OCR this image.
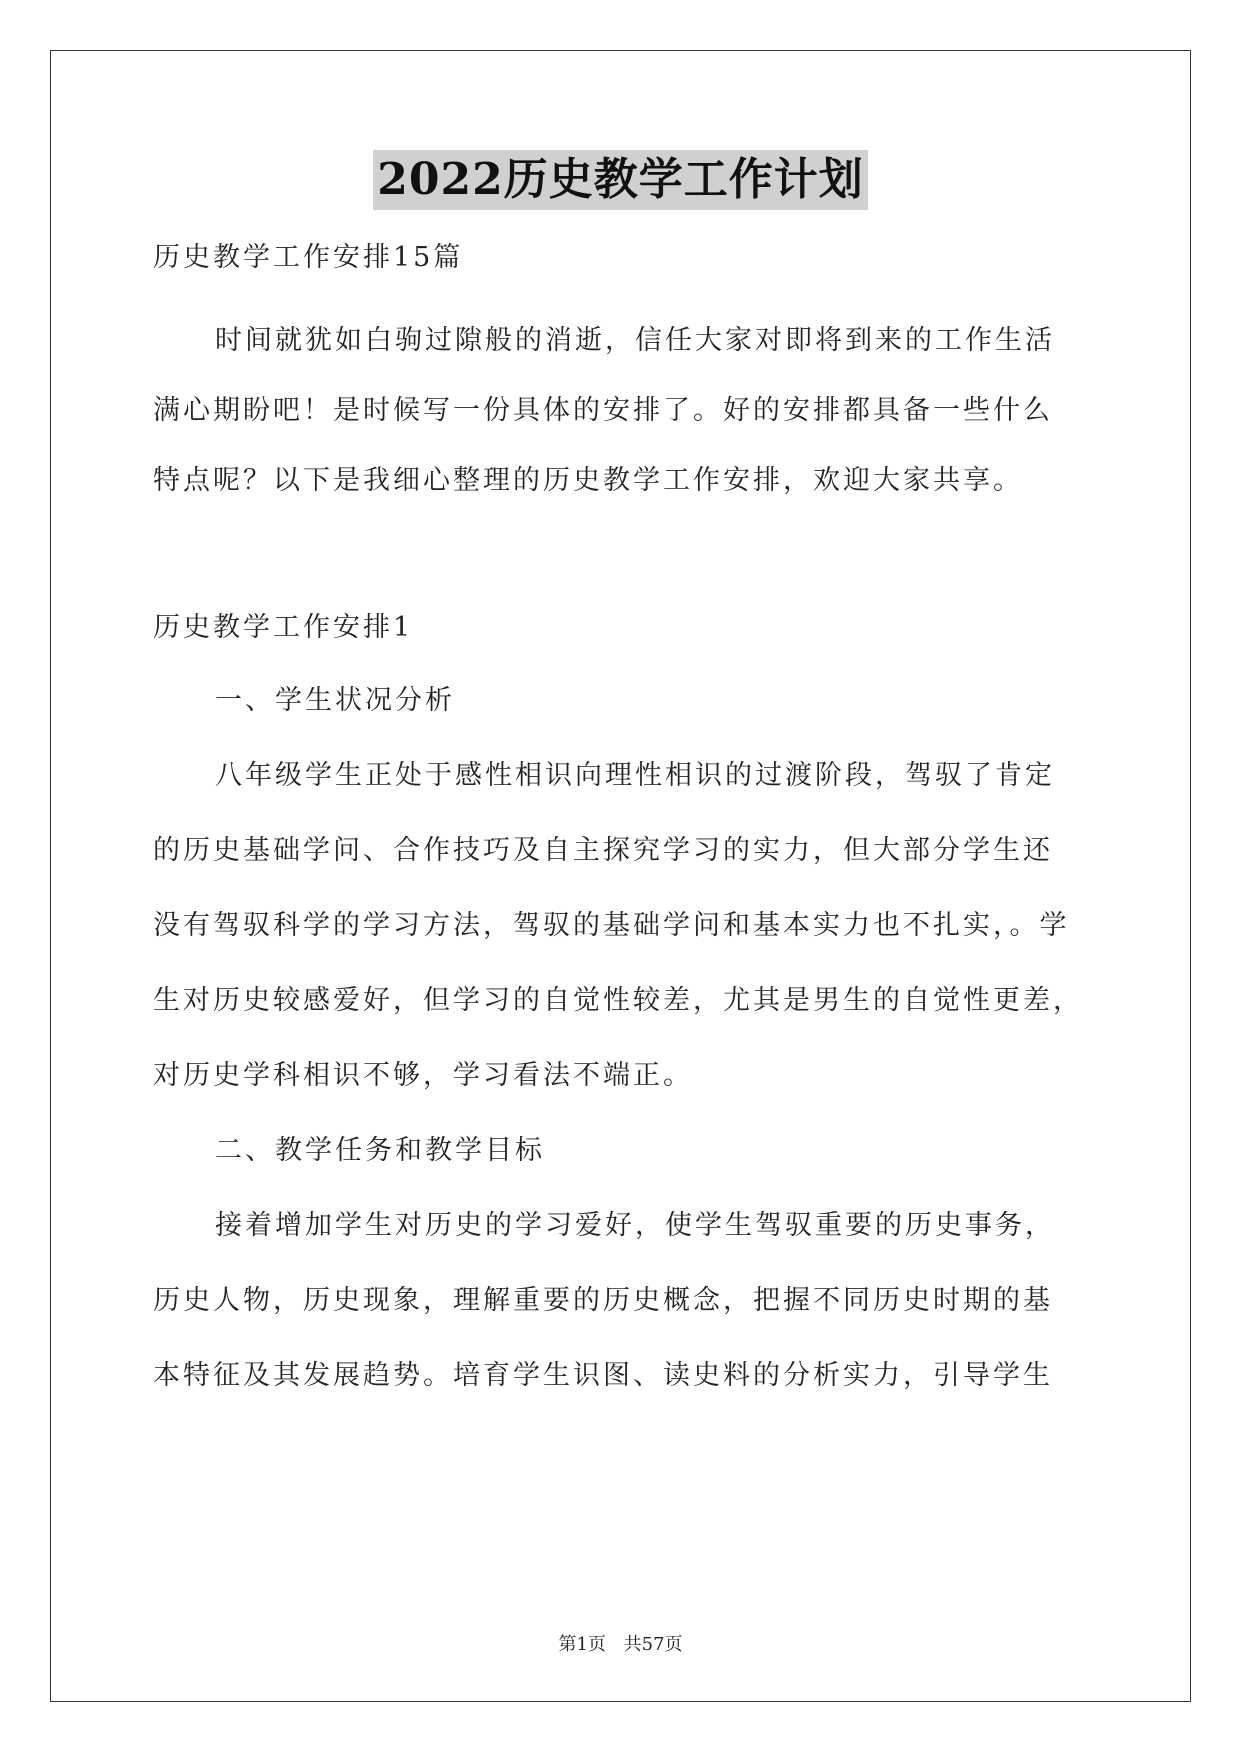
2022历史教学工作计划
历史教学工作安排15篇
时间就犹如白驹过隙般的消逝，信任大家对即将到来的工作生活
满心期盼吧！是时候写一份具体的安排了。好的安排都具备一些什么
特点呢？以下是我细心整理的历史教学工作安排，欢迎大家共享。
历史教学工作安排1
一、学生状况分析
八年级学生正处于感性相识向理性相识的过渡阶段，驾驭了肯定
的历史基础学问、合作技巧及自主探究学习的实力，但大部分学生还
没有驾驭科学的学习方法，驾驭的基础学问和基本实力也不扎实，。学
生对历史较感爱好，但学习的自觉性较差，尤其是男生的自觉性更差，
对历史学科相识不够，学习看法不端正。
二、教学任务和教学目标
接着增加学生对历史的学习爱好，使学生驾驭重要的历史事务，
历史人物，历史现象，理解重要的历史概念，把握不同历史时期的基
本特征及其发展趋势。培育学生识图、读史料的分析实力，引导学生
第1页 共57页
